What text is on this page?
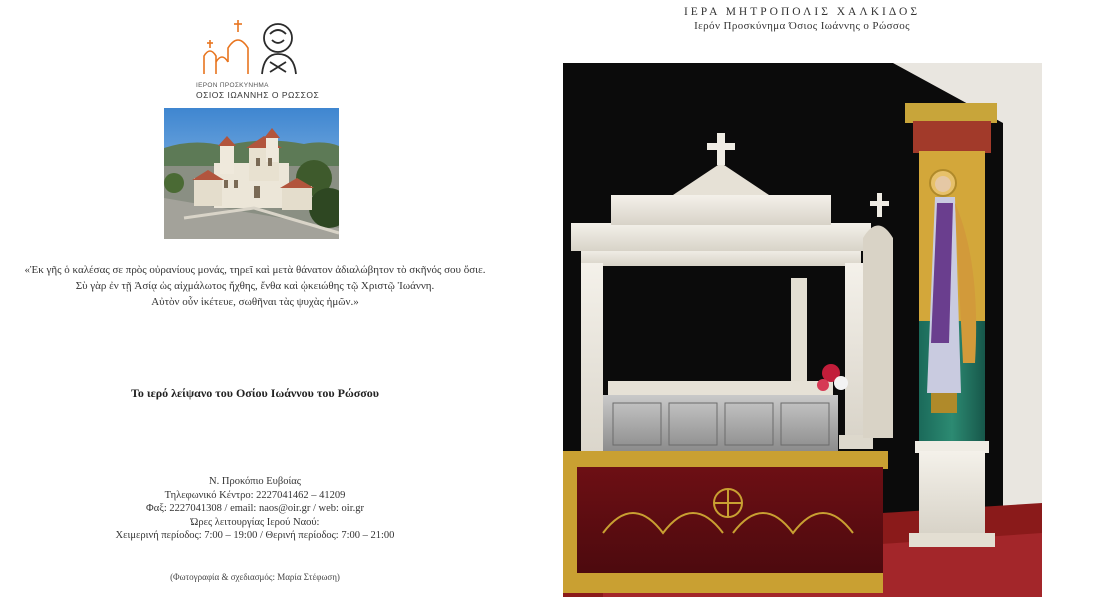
ΙΕΡΟΝ ΠΡΟΣΚΥΝΗΜΑ
ΟΣΙΟΣ ΙΩΑΝΝΗΣ Ο ΡΩΣΣΟΣ
«Ἐκ γῆς ὁ καλέσας σε πρὸς οὐρανίους μονάς, τηρεῖ καὶ μετὰ θάνατον ἀδιαλώβητον τὸ σκῆνός σου ὅσιε.
Σὺ γὰρ ἐν τῇ Ἀσίᾳ ὡς αἰχμάλωτος ἤχθης, ἔνθα καὶ ᾠκειώθης τῷ Χριστῷ Ἰωάννη.
Αὐτὸν οὖν ἱκέτευε, σωθῆναι τὰς ψυχὰς ἡμῶν.»
Το ιερό λείψανο του Οσίου Ιωάννου του Ρώσσου
Ν. Προκόπιο Ευβοίας
Τηλεφωνικό Κέντρο: 2227041462 – 41209
Φαξ: 2227041308 / email: naos@oir.gr / web: oir.gr
Ώρες λειτουργίας Ιερού Ναού:
Χειμερινή περίοδος: 7:00 – 19:00 / Θερινή περίοδος: 7:00 – 21:00
(Φωτογραφία & σχεδιασμός: Μαρία Στέφωση)
ΙΕΡΑ ΜΗΤΡΟΠΟΛΙΣ ΧΑΛΚΙΔΟΣ
Ιερόν Προσκύνημα Όσιος Ιωάννης ο Ρώσσος
